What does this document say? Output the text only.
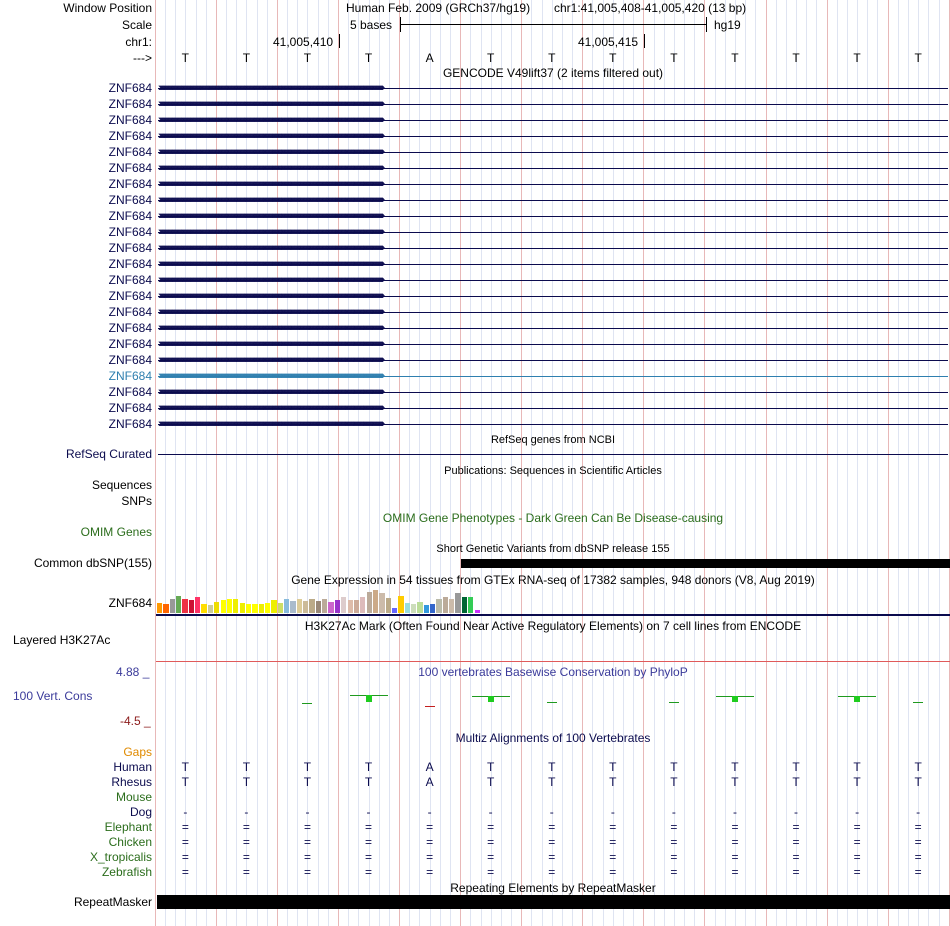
Window Position	Human Feb. 2009 (GRCh37/hg19) chr1:41,005,408-41,005,420 (13 bp)
Scale	5 bases	hg19
chr1:	41,005,410	41,005,415
---> T	T	T	T	A	T	T	T	T	T	T	T	T
GENCODE V49lift37 (2 items filtered out)
ZNF684 ››››››››››››››››››››››››››››››››››››››››››››››››››››››››››››››››››››››››››››››››››››››››››››››››››››››››››››››››››››››››››››››››››››››››››››››››››››››››››››››››››››››››››››››››››››››››››››››››››››››››››››››››››››››››››››››››››››››››››››››››››››››››››››››››››››
ZNF684 ››››››››››››››››››››››››››››››››››››››››››››››››››››››››››››››››››››››››››››››››››››››››››››››››››››››››››››››››››››››››››››››››››››››››››››››››››››››››››››››››››››››››››››››››››››››››››››››››››››››››››››››››››››››››››››››››››››››››››››››››››››››››››››››››››››
ZNF684 ››››››››››››››››››››››››››››››››››››››››››››››››››››››››››››››››››››››››››››››››››››››››››››››››››››››››››››››››››››››››››››››››››››››››››››››››››››››››››››››››››››››››››››››››››››››››››››››››››››››››››››››››››››››››››››››››››››››››››››››››››››››››››››››››››››
ZNF684 ››››››››››››››››››››››››››››››››››››››››››››››››››››››››››››››››››››››››››››››››››››››››››››››››››››››››››››››››››››››››››››››››››››››››››››››››››››››››››››››››››››››››››››››››››››››››››››››››››››››››››››››››››››››››››››››››››››››››››››››››››››››››››››››››››››
ZNF684 ››››››››››››››››››››››››››››››››››››››››››››››››››››››››››››››››››››››››››››››››››››››››››››››››››››››››››››››››››››››››››››››››››››››››››››››››››››››››››››››››››››››››››››››››››››››››››››››››››››››››››››››››››››››››››››››››››››››››››››››››››››››››››››››››››››
ZNF684 ››››››››››››››››››››››››››››››››››››››››››››››››››››››››››››››››››››››››››››››››››››››››››››››››››››››››››››››››››››››››››››››››››››››››››››››››››››››››››››››››››››››››››››››››››››››››››››››››››››››››››››››››››››››››››››››››››››››››››››››››››››››››››››››››››››
ZNF684 ››››››››››››››››››››››››››››››››››››››››››››››››››››››››››››››››››››››››››››››››››››››››››››››››››››››››››››››››››››››››››››››››››››››››››››››››››››››››››››››››››››››››››››››››››››››››››››››››››››››››››››››››››››››››››››››››››››››››››››››››››››››››››››››››››››
ZNF684 ››››››››››››››››››››››››››››››››››››››››››››››››››››››››››››››››››››››››››››››››››››››››››››››››››››››››››››››››››››››››››››››››››››››››››››››››››››››››››››››››››››››››››››››››››››››››››››››››››››››››››››››››››››››››››››››››››››››››››››››››››››››››››››››››››››
ZNF684 ››››››››››››››››››››››››››››››››››››››››››››››››››››››››››››››››››››››››››››››››››››››››››››››››››››››››››››››››››››››››››››››››››››››››››››››››››››››››››››››››››››››››››››››››››››››››››››››››››››››››››››››››››››››››››››››››››››››››››››››››››››››››››››››››››››
ZNF684 ››››››››››››››››››››››››››››››››››››››››››››››››››››››››››››››››››››››››››››››››››››››››››››››››››››››››››››››››››››››››››››››››››››››››››››››››››››››››››››››››››››››››››››››››››››››››››››››››››››››››››››››››››››››››››››››››››››››››››››››››››››››››››››››››››››
ZNF684 ››››››››››››››››››››››››››››››››››››››››››››››››››››››››››››››››››››››››››››››››››››››››››››››››››››››››››››››››››››››››››››››››››››››››››››››››››››››››››››››››››››››››››››››››››››››››››››››››››››››››››››››››››››››››››››››››››››››››››››››››››››››››››››››››››››
ZNF684 ››››››››››››››››››››››››››››››››››››››››››››››››››››››››››››››››››››››››››››››››››››››››››››››››››››››››››››››››››››››››››››››››››››››››››››››››››››››››››››››››››››››››››››››››››››››››››››››››››››››››››››››››››››››››››››››››››››››››››››››››››››››››››››››››››››
ZNF684 ››››››››››››››››››››››››››››››››››››››››››››››››››››››››››››››››››››››››››››››››››››››››››››››››››››››››››››››››››››››››››››››››››››››››››››››››››››››››››››››››››››››››››››››››››››››››››››››››››››››››››››››››››››››››››››››››››››››››››››››››››››››››››››››››››››
ZNF684 ››››››››››››››››››››››››››››››››››››››››››››››››››››››››››››››››››››››››››››››››››››››››››››››››››››››››››››››››››››››››››››››››››››››››››››››››››››››››››››››››››››››››››››››››››››››››››››››››››››››››››››››››››››››››››››››››››››››››››››››››››››››››››››››››››››
ZNF684 ››››››››››››››››››››››››››››››››››››››››››››››››››››››››››››››››››››››››››››››››››››››››››››››››››››››››››››››››››››››››››››››››››››››››››››››››››››››››››››››››››››››››››››››››››››››››››››››››››››››››››››››››››››››››››››››››››››››››››››››››››››››››››››››››››››
ZNF684 ››››››››››››››››››››››››››››››››››››››››››››››››››››››››››››››››››››››››››››››››››››››››››››››››››››››››››››››››››››››››››››››››››››››››››››››››››››››››››››››››››››››››››››››››››››››››››››››››››››››››››››››››››››››››››››››››››››››››››››››››››››››››››››››››››››
ZNF684 ››››››››››››››››››››››››››››››››››››››››››››››››››››››››››››››››››››››››››››››››››››››››››››››››››››››››››››››››››››››››››››››››››››››››››››››››››››››››››››››››››››››››››››››››››››››››››››››››››››››››››››››››››››››››››››››››››››››››››››››››››››››››››››››››››››
ZNF684 ››››››››››››››››››››››››››››››››››››››››››››››››››››››››››››››››››››››››››››››››››››››››››››››››››››››››››››››››››››››››››››››››››››››››››››››››››››››››››››››››››››››››››››››››››››››››››››››››››››››››››››››››››››››››››››››››››››››››››››››››››››››››››››››››››››
ZNF684 ››››››››››››››››››››››››››››››››››››››››››››››››››››››››››››››››››››››››››››››››››››››››››››››››››››››››››››››››››››››››››››››››››››››››››››››››››››››››››››››››››››››››››››››››››››››››››››››››››››››››››››››››››››››››››››››››››››››››››››››››››››››››››››››››››››
ZNF684 ››››››››››››››››››››››››››››››››››››››››››››››››››››››››››››››››››››››››››››››››››››››››››››››››››››››››››››››››››››››››››››››››››››››››››››››››››››››››››››››››››››››››››››››››››››››››››››››››››››››››››››››››››››››››››››››››››››››››››››››››››››››››››››››››››››
ZNF684 ››››››››››››››››››››››››››››››››››››››››››››››››››››››››››››››››››››››››››››››››››››››››››››››››››››››››››››››››››››››››››››››››››››››››››››››››››››››››››››››››››››››››››››››››››››››››››››››››››››››››››››››››››››››››››››››››››››››››››››››››››››››››››››››››››››
ZNF684 ››››››››››››››››››››››››››››››››››››››››››››››››››››››››››››››››››››››››››››››››››››››››››››››››››››››››››››››››››››››››››››››››››››››››››››››››››››››››››››››››››››››››››››››››››››››››››››››››››››››››››››››››››››››››››››››››››››››››››››››››››››››››››››››››››››
RefSeq genes from NCBI
RefSeq Curated
Publications: Sequences in Scientific Articles
Sequences
SNPs
OMIM Genes
OMIM Gene Phenotypes - Dark Green Can Be Disease-causing
Short Genetic Variants from dbSNP release 155
Common dbSNP(155)
Gene Expression in 54 tissues from GTEx RNA-seq of 17382 samples, 948 donors (V8, Aug 2019)
ZNF684
H3K27Ac Mark (Often Found Near Active Regulatory Elements) on 7 cell lines from ENCODE
Layered H3K27Ac
4.88 _	100 vertebrates Basewise Conservation by PhyloP
100 Vert. Cons
-4.5 _
Multiz Alignments of 100 Vertebrates
Gaps
Human T	T	T	T	A	T	T	T	T	T	T	T	T
Rhesus T	T	T	T	A	T	T	T	T	T	T	T	T
Mouse
Dog	-	-	-	-	-	-	-	-	-	-	-	-	-
Elephant =	=	=	=	=	=	=	=	=	=	=	=	=
Chicken =	=	=	=	=	=	=	=	=	=	=	=	=
X_tropicalis =	=	=	=	=	=	=	=	=	=	=	=	=
Zebrafish =	=	=	=	=	=	=	=	=	=	=	=	=
Repeating Elements by RepeatMasker
RepeatMasker
